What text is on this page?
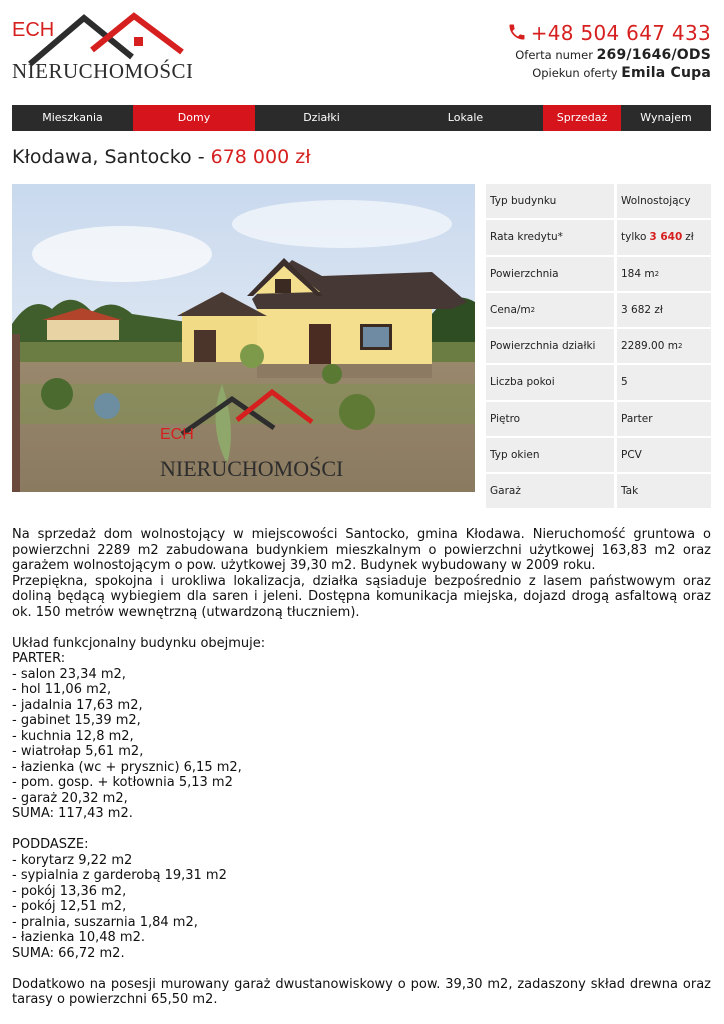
ECH
NIERUCHOMOŚCI
+48 504 647 433
Oferta numer 269/1646/ODS
Opiekun oferty Emila Cupa
Mieszkania	Domy	Działki	Lokale	Sprzedaż	Wynajem
Kłodawa, Santocko - 678 000 zł
ECH
NIERUCHOMOŚCI
Typ budynku	Wolnostojący
Rata kredytu*	tylko 3 640 zł
Powierzchnia	184 m 2
Cena/m 2	3 682 zł
Powierzchnia działki	2289.00 m 2
Liczba pokoi	5
Piętro	Parter
Typ okien	PCV
Garaż	Tak

Na sprzedaż dom wolnostojący w miejscowości Santocko, gmina Kłodawa. Nieruchomość gruntowa o powierzchni 2289 m2 zabudowana budynkiem mieszkalnym o powierzchni użytkowej 163,83 m2 oraz garażem wolnostojącym o pow. użytkowej 39,30 m2. Budynek wybudowany w 2009 roku.

Przepiękna, spokojna i urokliwa lokalizacja, działka sąsiaduje bezpośrednio z lasem państwowym oraz doliną będącą wybiegiem dla saren i jeleni. Dostępna komunikacja miejska, dojazd drogą asfaltową oraz ok. 150 metrów wewnętrzną (utwardzoną tłuczniem).

Układ funkcjonalny budynku obejmuje:
PARTER:
- salon 23,34 m2,
- hol 11,06 m2,
- jadalnia 17,63 m2,
- gabinet 15,39 m2,
- kuchnia 12,8 m2,
- wiatrołap 5,61 m2,
- łazienka (wc + prysznic) 6,15 m2,
- pom. gosp. + kotłownia 5,13 m2
- garaż 20,32 m2,
SUMA: 117,43 m2.
PODDASZE:
- korytarz 9,22 m2
- sypialnia z garderobą 19,31 m2
- pokój 13,36 m2,
- pokój 12,51 m2,
- pralnia, suszarnia 1,84 m2,
- łazienka 10,48 m2.
SUMA: 66,72 m2.

Dodatkowo na posesji murowany garaż dwustanowiskowy o pow. 39,30 m2, zadaszony skład drewna oraz tarasy o powierzchni 65,50 m2.
